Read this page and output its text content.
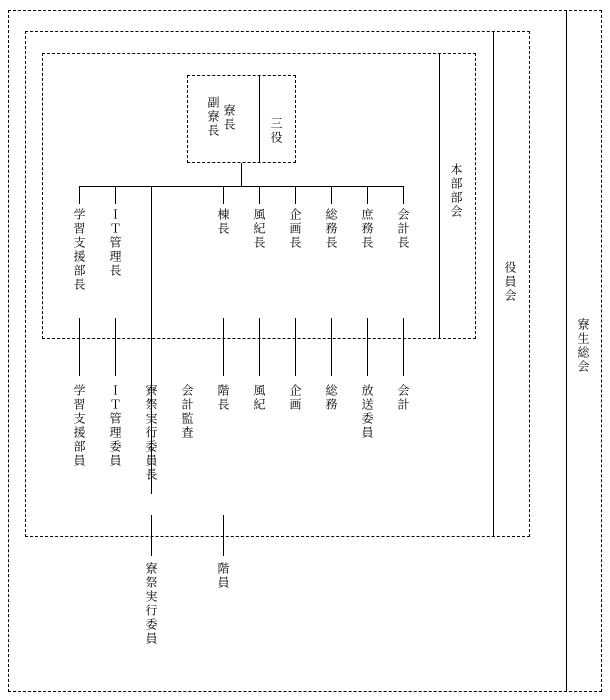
寮生総会
役員会
本部部会
寮長
副寮長	三役
学習支援部長 ＩＴ管理長	棟長 風紀長 企画長 総務長 庶務長 会計長
学習支援部員 ＩＴ管理委員 寮祭実行委員長 会計監査 階長 風紀 企画 総務 放送委員 会計
寮祭実行委員	階員
